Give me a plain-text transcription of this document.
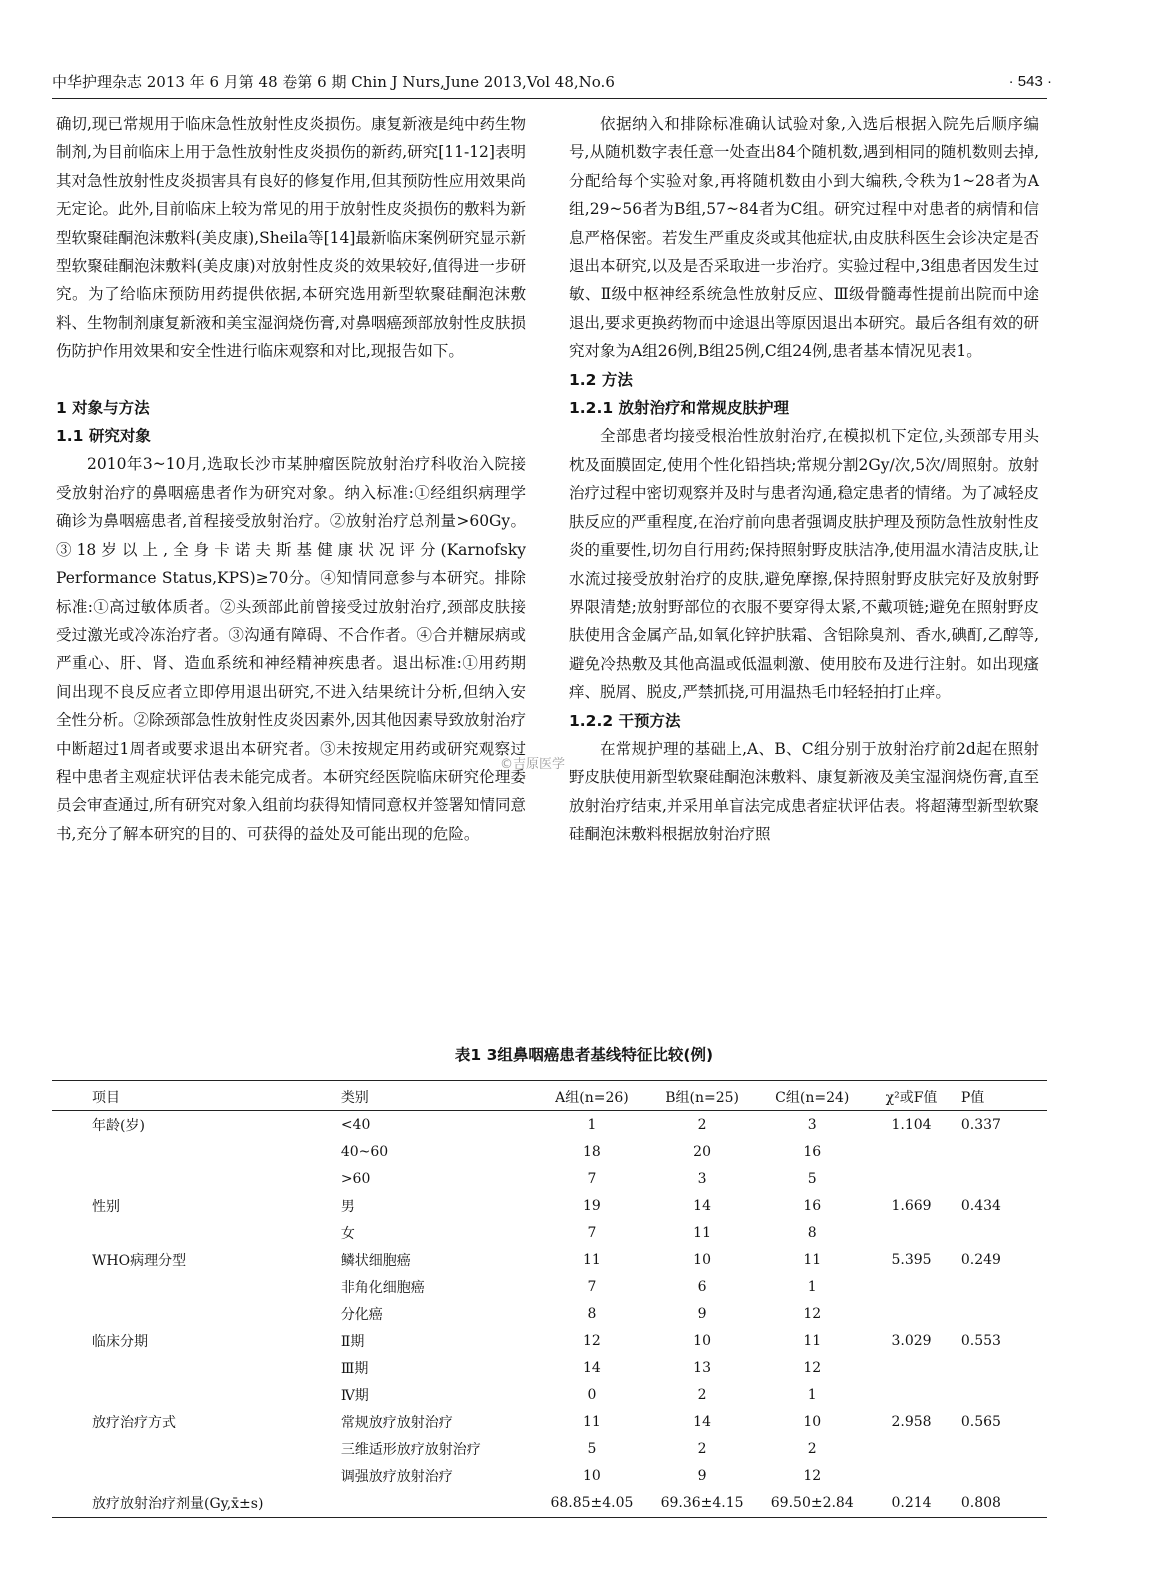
中华护理杂志 2013 年 6 月第 48 卷第 6 期 Chin J Nurs,June 2013,Vol 48,No.6	· 543 ·

确切,现已常规用于临床急性放射性皮炎损伤。康复新液是纯中药生物制剂,为目前临床上用于急性放射性皮炎损伤的新药,研究[11-12]表明其对急性放射性皮炎损害具有良好的修复作用,但其预防性应用效果尚无定论。此外,目前临床上较为常见的用于放射性皮炎损伤的敷料为新型软聚硅酮泡沫敷料(美皮康),Sheila等[14]最新临床案例研究显示新型软聚硅酮泡沫敷料(美皮康)对放射性皮炎的效果较好,值得进一步研究。为了给临床预防用药提供依据,本研究选用新型软聚硅酮泡沫敷料、生物制剂康复新液和美宝湿润烧伤膏,对鼻咽癌颈部放射性皮肤损伤防护作用效果和安全性进行临床观察和对比,现报告如下。

1 对象与方法
1.1 研究对象

2010年3~10月,选取长沙市某肿瘤医院放射治疗科收治入院接受放射治疗的鼻咽癌患者作为研究对象。纳入标准:①经组织病理学确诊为鼻咽癌患者,首程接受放射治疗。②放射治疗总剂量>60Gy。③18岁以上,全身卡诺夫斯基健康状况评分(Karnofsky Performance Status,KPS)≥70分。④知情同意参与本研究。排除标准:①高过敏体质者。②头颈部此前曾接受过放射治疗,颈部皮肤接受过激光或冷冻治疗者。③沟通有障碍、不合作者。④合并糖尿病或严重心、肝、肾、造血系统和神经精神疾患者。退出标准:①用药期间出现不良反应者立即停用退出研究,不进入结果统计分析,但纳入安全性分析。②除颈部急性放射性皮炎因素外,因其他因素导致放射治疗中断超过1周者或要求退出本研究者。③未按规定用药或研究观察过程中患者主观症状评估表未能完成者。本研究经医院临床研究伦理委员会审查通过,所有研究对象入组前均获得知情同意权并签署知情同意书,充分了解本研究的目的、可获得的益处及可能出现的危险。

依据纳入和排除标准确认试验对象,入选后根据入院先后顺序编号,从随机数字表任意一处查出84个随机数,遇到相同的随机数则去掉,分配给每个实验对象,再将随机数由小到大编秩,令秩为1~28者为A组,29~56者为B组,57~84者为C组。研究过程中对患者的病情和信息严格保密。若发生严重皮炎或其他症状,由皮肤科医生会诊决定是否退出本研究,以及是否采取进一步治疗。实验过程中,3组患者因发生过敏、Ⅱ级中枢神经系统急性放射反应、Ⅲ级骨髓毒性提前出院而中途退出,要求更换药物而中途退出等原因退出本研究。最后各组有效的研究对象为A组26例,B组25例,C组24例,患者基本情况见表1。

1.2 方法
1.2.1 放射治疗和常规皮肤护理

全部患者均接受根治性放射治疗,在模拟机下定位,头颈部专用头枕及面膜固定,使用个性化铅挡块;常规分割2Gy/次,5次/周照射。放射治疗过程中密切观察并及时与患者沟通,稳定患者的情绪。为了减轻皮肤反应的严重程度,在治疗前向患者强调皮肤护理及预防急性放射性皮炎的重要性,切勿自行用药;保持照射野皮肤洁净,使用温水清洁皮肤,让水流过接受放射治疗的皮肤,避免摩擦,保持照射野皮肤完好及放射野界限清楚;放射野部位的衣服不要穿得太紧,不戴项链;避免在照射野皮肤使用含金属产品,如氧化锌护肤霜、含铝除臭剂、香水,碘酊,乙醇等,避免冷热敷及其他高温或低温刺激、使用胶布及进行注射。如出现瘙痒、脱屑、脱皮,严禁抓挠,可用温热毛巾轻轻拍打止痒。

1.2.2 干预方法

在常规护理的基础上,A、B、C组分别于放射治疗前2d起在照射野皮肤使用新型软聚硅酮泡沫敷料、康复新液及美宝湿润烧伤膏,直至放射治疗结束,并采用单盲法完成患者症状评估表。将超薄型新型软聚硅酮泡沫敷料根据放射治疗照

©吉原医学
表1 3组鼻咽癌患者基线特征比较(例)
项目	类别	A组(n=26)	B组(n=25)	C组(n=24)	χ²或F值	P值
年龄(岁)	<40	1	2	3	1.104	0.337
	40~60	18	20	16		
	>60	7	3	5		
性别	男	19	14	16	1.669	0.434
	女	7	11	8		
WHO病理分型	鳞状细胞癌	11	10	11	5.395	0.249
	非角化细胞癌	7	6	1		
	分化癌	8	9	12		
临床分期	Ⅱ期	12	10	11	3.029	0.553
	Ⅲ期	14	13	12		
	Ⅳ期	0	2	1		
放疗治疗方式	常规放疗放射治疗	11	14	10	2.958	0.565
	三维适形放疗放射治疗	5	2	2		
	调强放疗放射治疗	10	9	12		
放疗放射治疗剂量(Gy,x̄±s)		68.85±4.05	69.36±4.15	69.50±2.84	0.214	0.808
